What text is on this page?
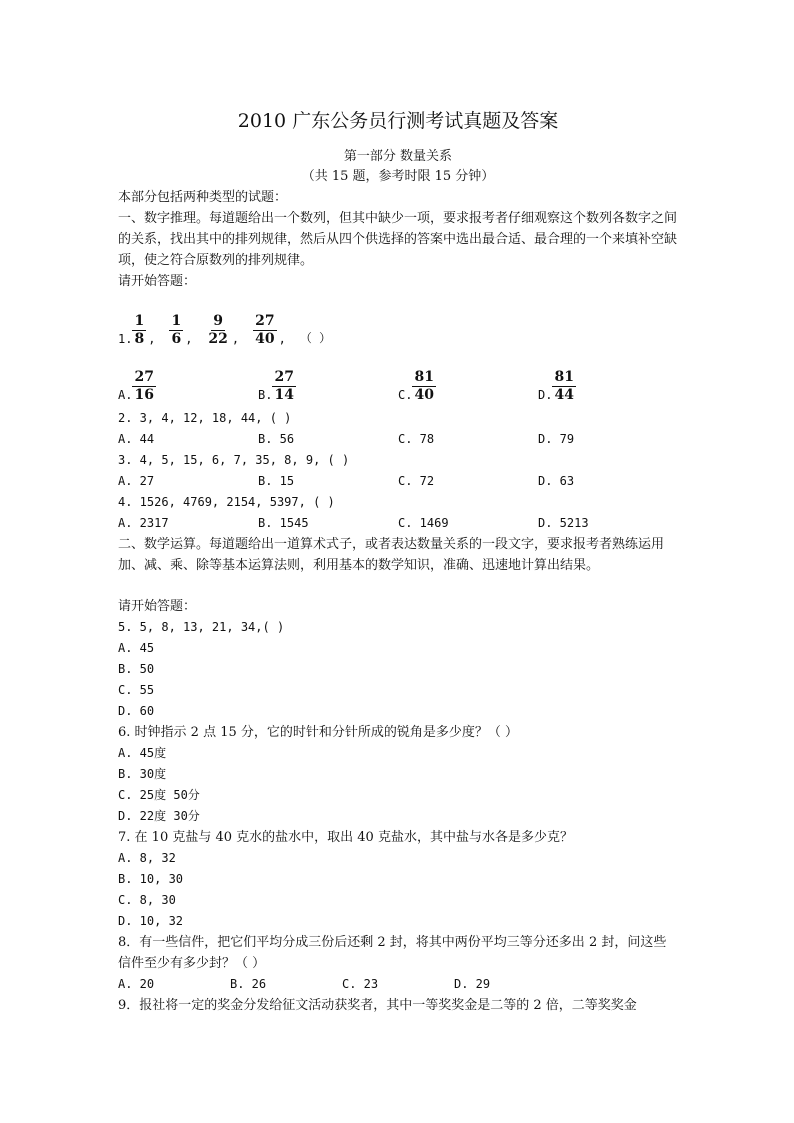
2010 广东公务员行测考试真题及答案
第一部分 数量关系
（共 15 题，参考时限 15 分钟）

本部分包括两种类型的试题：

一、数字推理。每道题给出一个数列，但其中缺少一项，要求报考者仔细观察这个数列各数字之间的关系，找出其中的排列规律，然后从四个供选择的答案中选出最合适、最合理的一个来填补空缺项，使之符合原数列的排列规律。

请开始答题：

1. $\frac{1}{8}$ , $\frac{1}{6}$ , $\frac{9}{22}$ , $\frac{27}{40}$ , （ ）
A. $\frac{27}{16}$	B. $\frac{27}{14}$	C. $\frac{81}{40}$	D. $\frac{81}{44}$

2. 3, 4, 12, 18, 44, ( )

A. 44	B. 56	C. 78	D. 79

3. 4, 5, 15, 6, 7, 35, 8, 9, ( )

A. 27	B. 15	C. 72	D. 63

4. 1526, 4769, 2154, 5397, ( )

A. 2317	B. 1545	C. 1469	D. 5213

二、数学运算。每道题给出一道算术式子，或者表达数量关系的一段文字，要求报考者熟练运用加、减、乘、除等基本运算法则，利用基本的数学知识，准确、迅速地计算出结果。

请开始答题：

5. 5, 8, 13, 21, 34,( )

A. 45

B. 50

C. 55

D. 60

6. 时钟指示 2 点 15 分，它的时针和分针所成的锐角是多少度？（ ）

A. 45度

B. 30度

C. 25度 50分

D. 22度 30分

7. 在 10 克盐与 40 克水的盐水中，取出 40 克盐水，其中盐与水各是多少克？

A. 8, 32

B. 10, 30

C. 8, 30

D. 10, 32

8．有一些信件，把它们平均分成三份后还剩 2 封，将其中两份平均三等分还多出 2 封，问这些信件至少有多少封？（ ）

A. 20	B. 26	C. 23	D. 29

9．报社将一定的奖金分发给征文活动获奖者，其中一等奖奖金是二等的 2 倍，二等奖奖金
